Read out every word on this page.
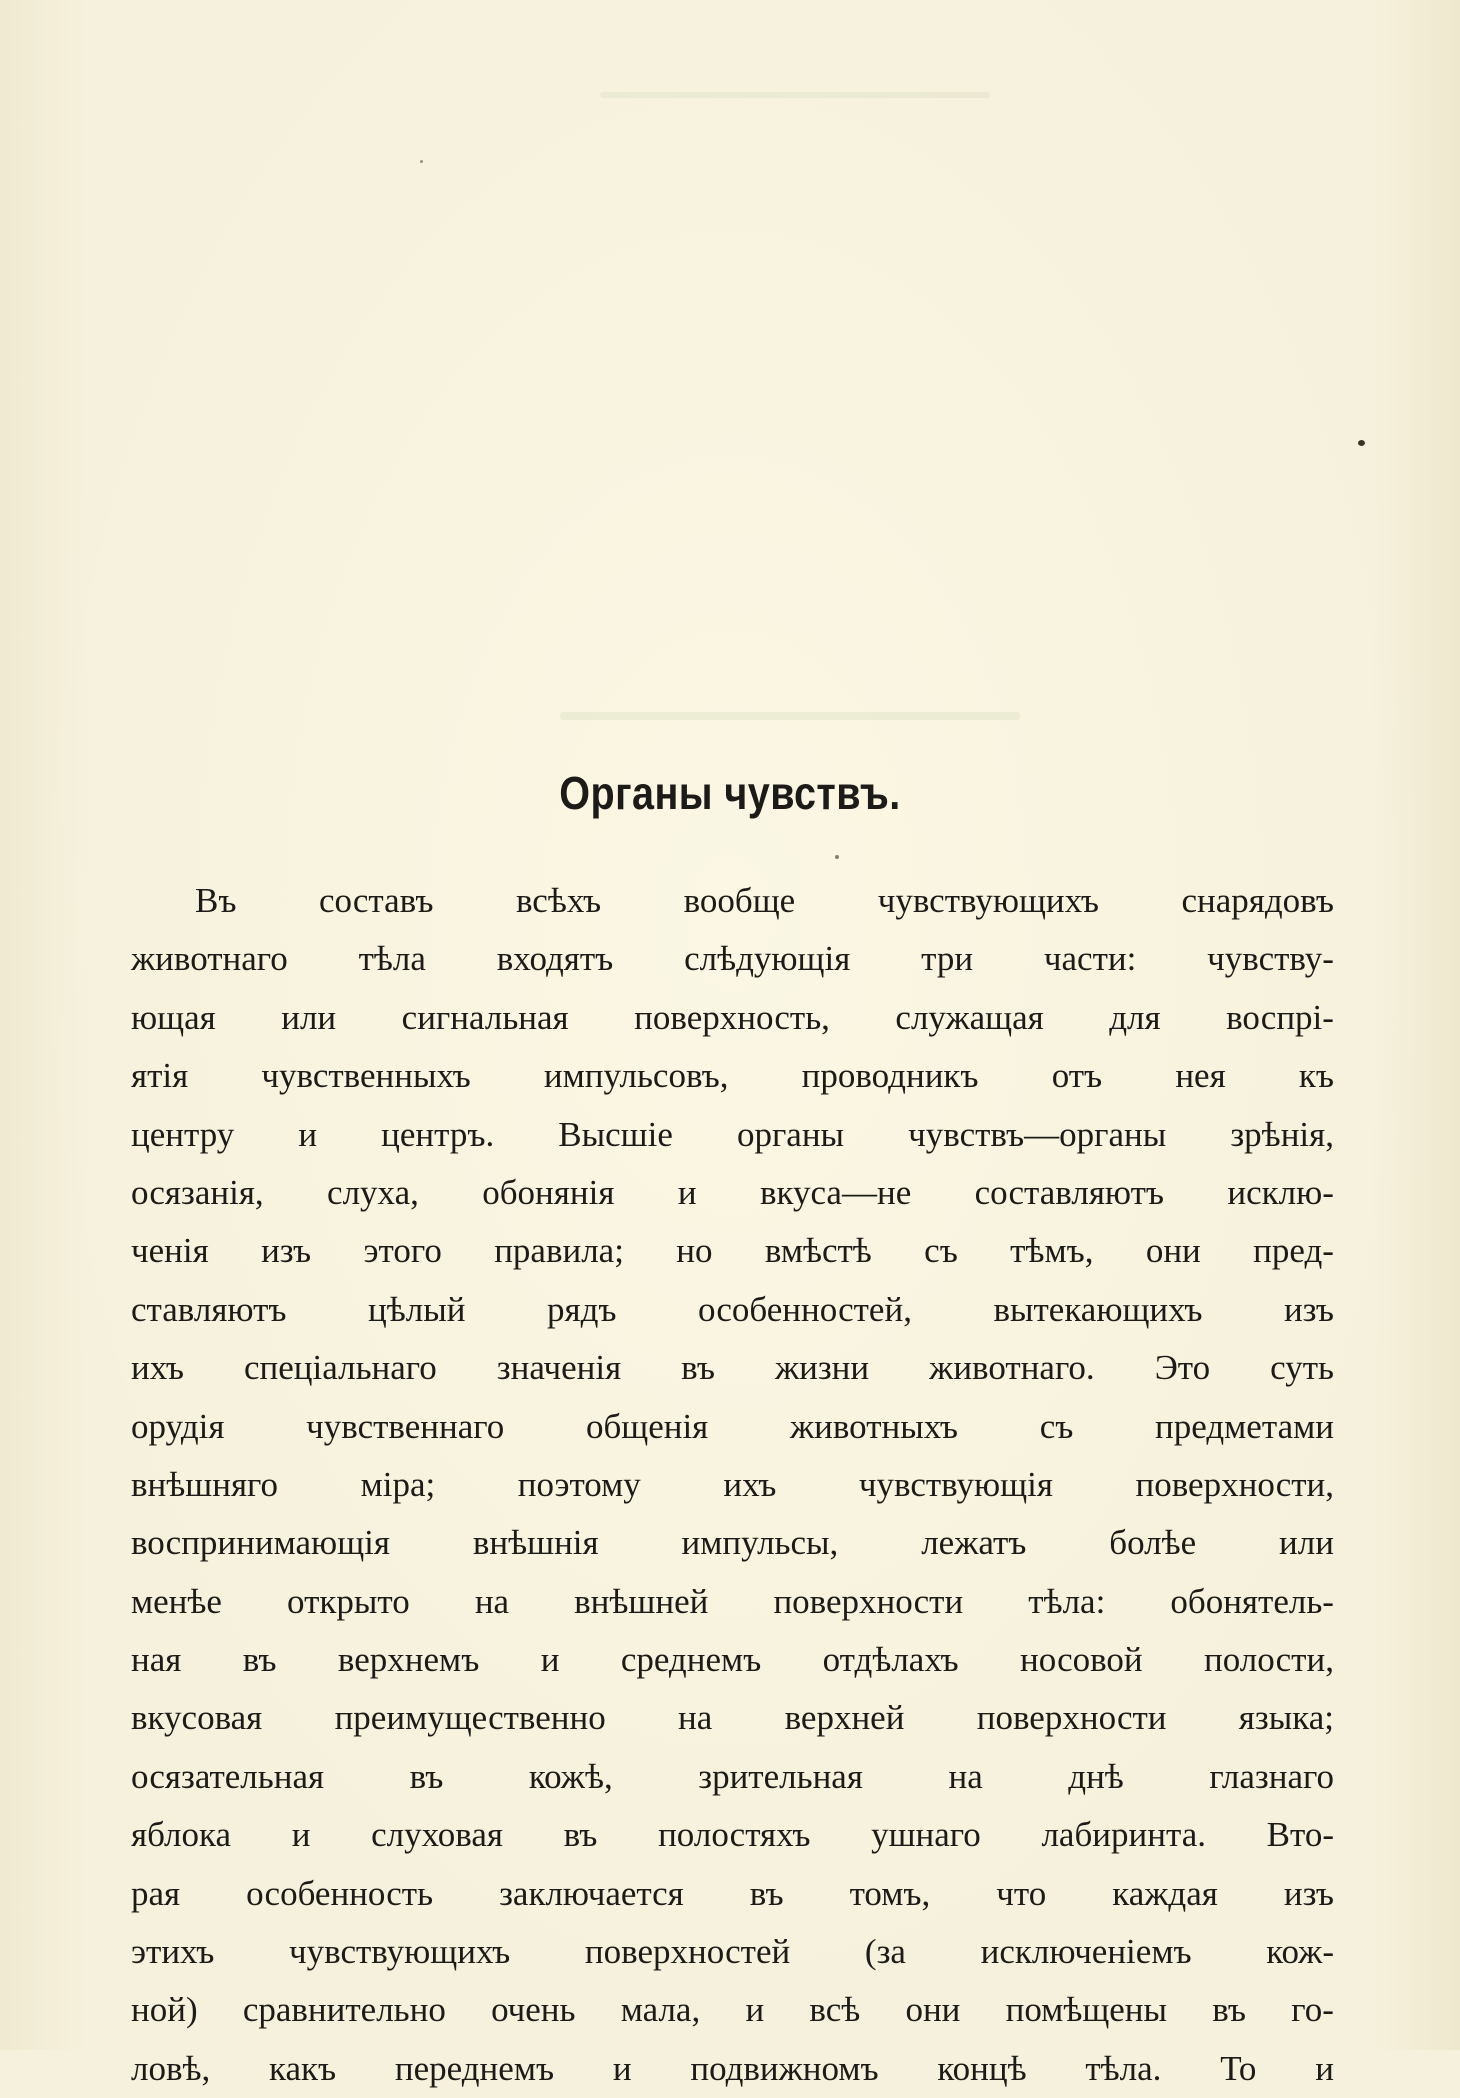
Органы чувствъ.
Въ составъ всѣхъ вообще чувствующихъ снарядовъ
животнаго тѣла входятъ слѣдующія три части: чувству-
ющая или сигнальная поверхность, служащая для воспрі-
ятія чувственныхъ импульсовъ, проводникъ отъ нея къ
центру и центръ. Высшіе органы чувствъ—органы зрѣнія,
осязанія, слуха, обонянія и вкуса—не составляютъ исклю-
ченія изъ этого правила; но вмѣстѣ съ тѣмъ, они пред-
ставляютъ цѣлый рядъ особенностей, вытекающихъ изъ
ихъ спеціальнаго значенія въ жизни животнаго. Это суть
орудія чувственнаго общенія животныхъ съ предметами
внѣшняго міра; поэтому ихъ чувствующія поверхности,
воспринимающія внѣшнія импульсы, лежатъ болѣе или
менѣе открыто на внѣшней поверхности тѣла: обонятель-
ная въ верхнемъ и среднемъ отдѣлахъ носовой полости,
вкусовая преимущественно на верхней поверхности языка;
осязательная въ кожѣ, зрительная на днѣ глазнаго
яблока и слуховая въ полостяхъ ушнаго лабиринта. Вто-
рая особенность заключается въ томъ, что каждая изъ
этихъ чувствующихъ поверхностей (за исключеніемъ кож-
ной) сравнительно очень мала, и всѣ они помѣщены въ го-
ловѣ, какъ переднемъ и подвижномъ концѣ тѣла. То и
